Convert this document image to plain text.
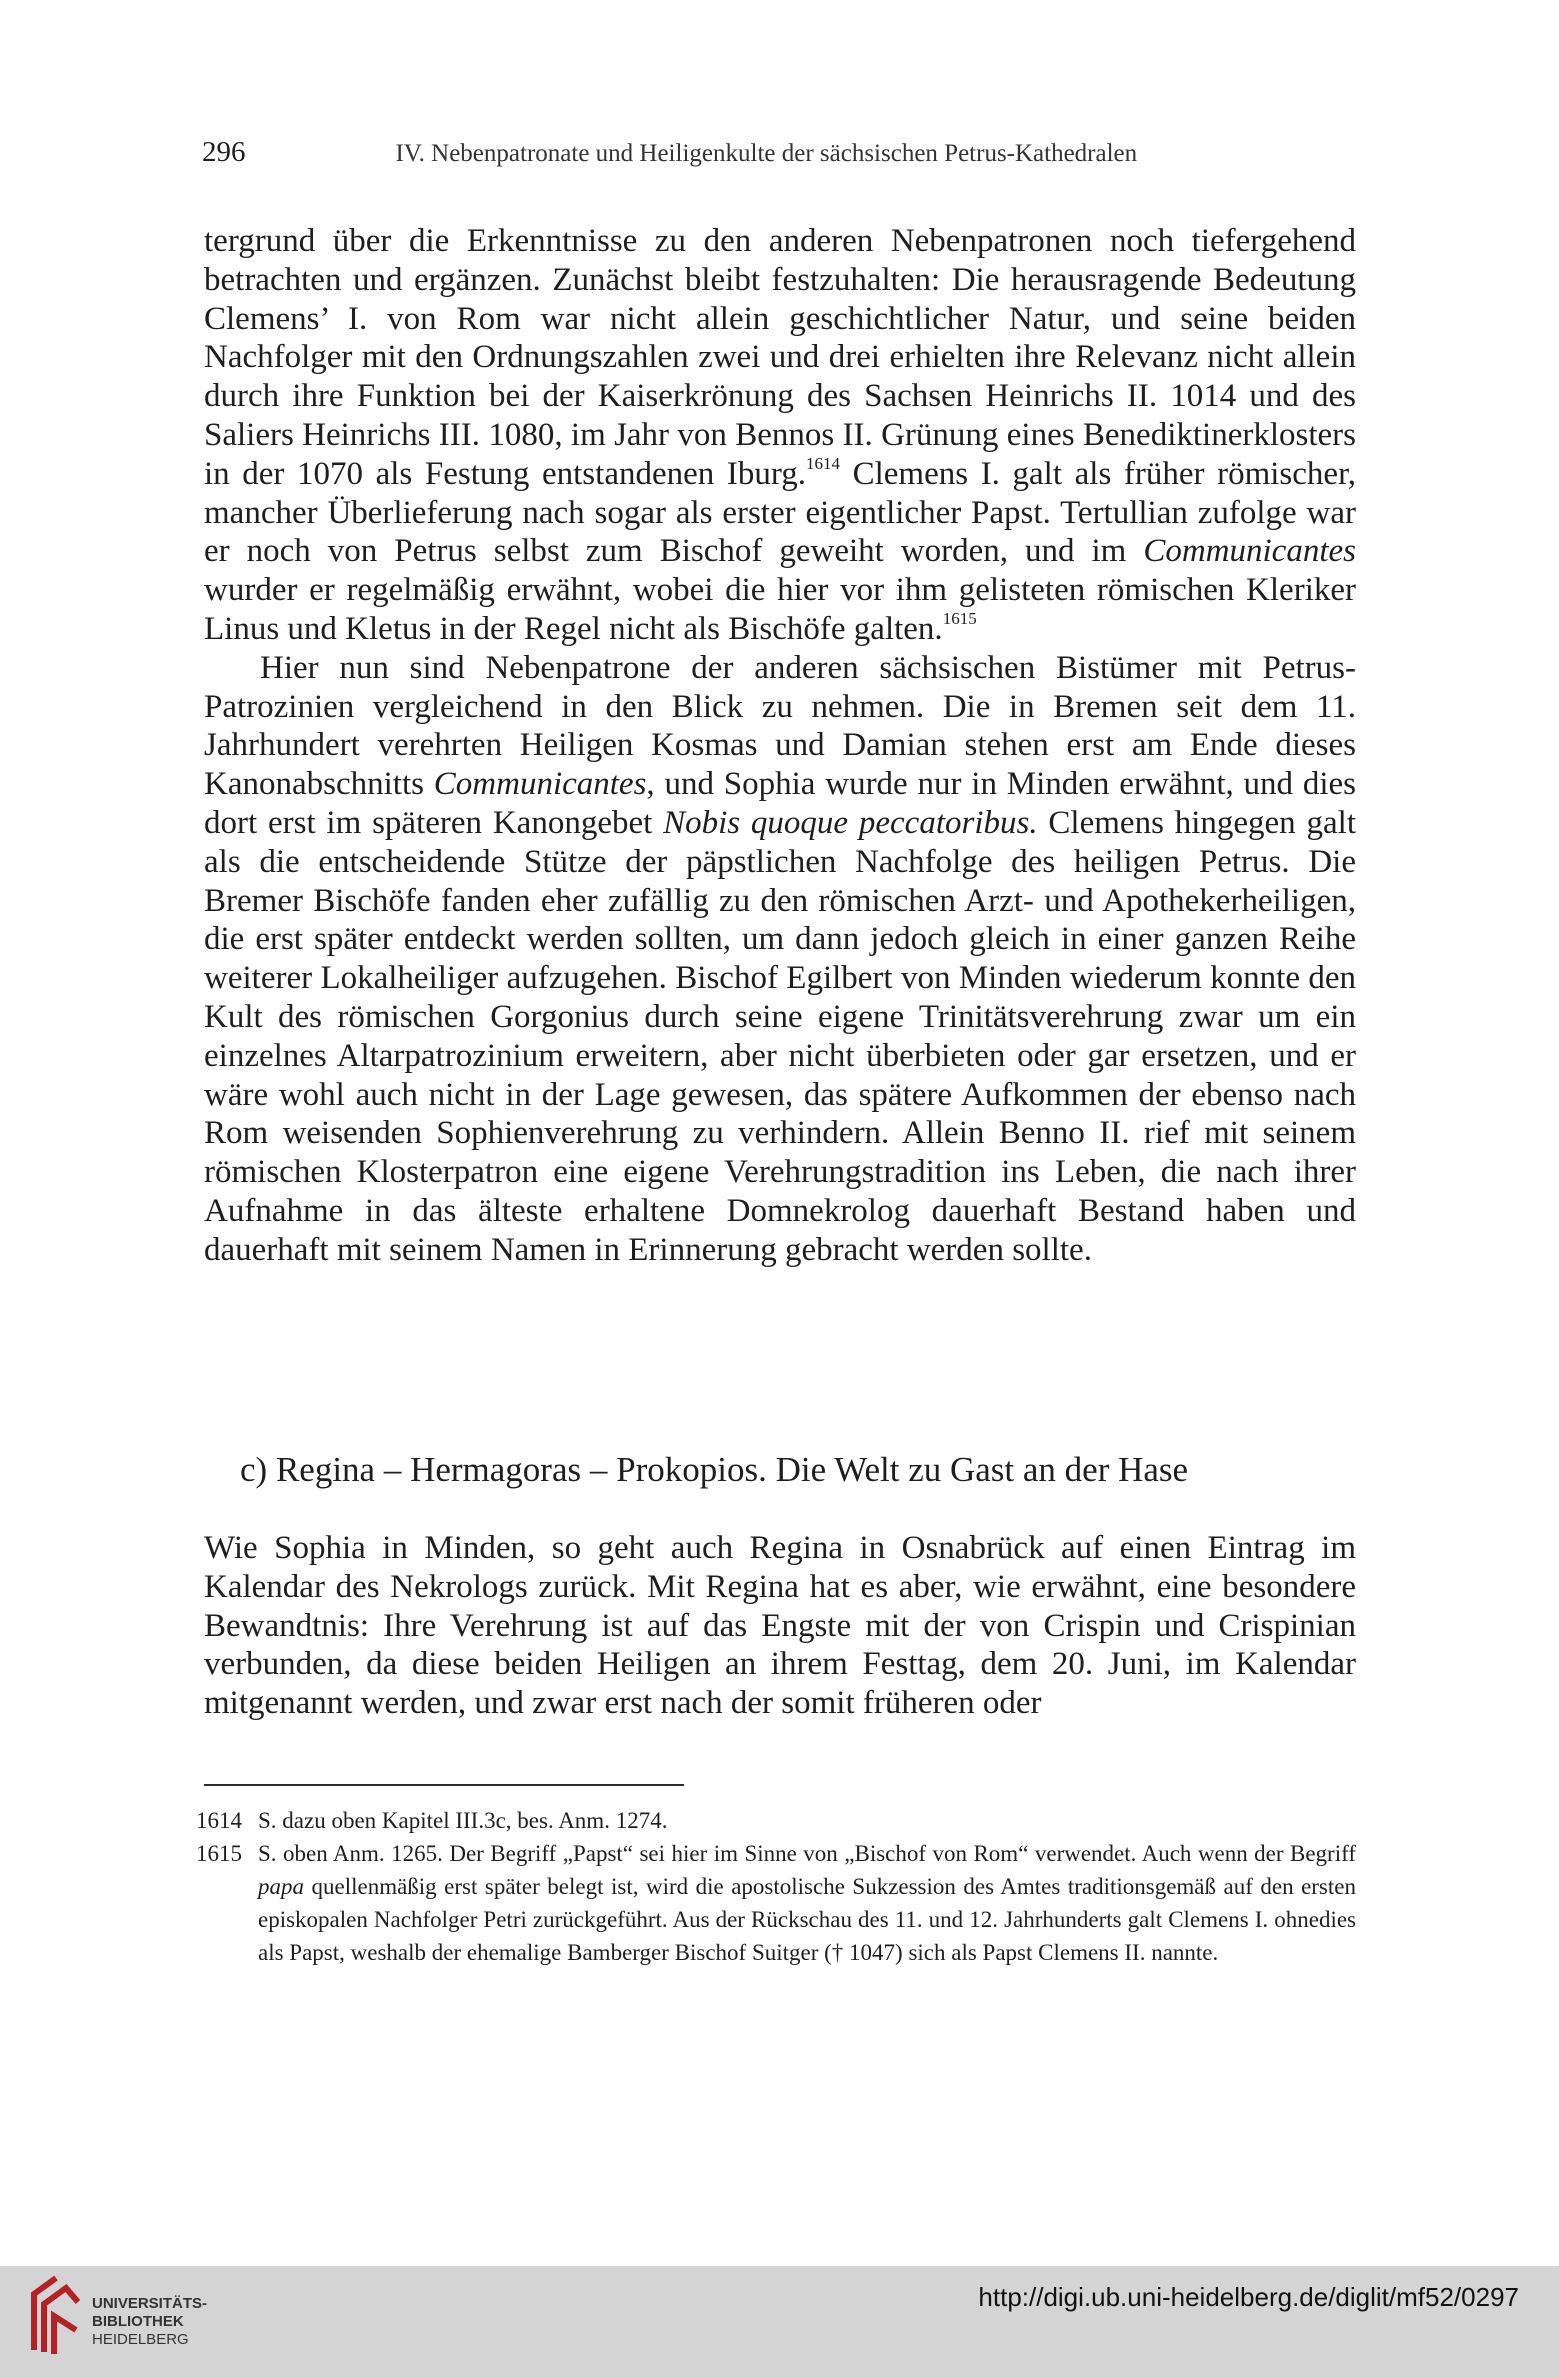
296	IV. Nebenpatronate und Heiligenkulte der sächsischen Petrus-Kathedralen

tergrund über die Erkenntnisse zu den anderen Nebenpatronen noch tiefergehend betrachten und ergänzen. Zunächst bleibt festzuhalten: Die herausragende Bedeutung Clemens’ I. von Rom war nicht allein geschichtlicher Natur, und seine beiden Nachfolger mit den Ordnungszahlen zwei und drei erhielten ihre Relevanz nicht allein durch ihre Funktion bei der Kaiserkrönung des Sachsen Heinrichs II. 1014 und des Saliers Heinrichs III. 1080, im Jahr von Bennos II. Grünung eines Benediktinerklosters in der 1070 als Festung entstandenen Iburg.$^{1614}$ Clemens I. galt als früher römischer, mancher Überlieferung nach sogar als erster eigentlicher Papst. Tertullian zufolge war er noch von Petrus selbst zum Bischof geweiht worden, und im Communicantes wurder er regelmäßig erwähnt, wobei die hier vor ihm gelisteten römischen Kleriker Linus und Kletus in der Regel nicht als Bischöfe galten.$^{1615}$

Hier nun sind Nebenpatrone der anderen sächsischen Bistümer mit Petrus-Patrozinien vergleichend in den Blick zu nehmen. Die in Bremen seit dem 11. Jahrhundert verehrten Heiligen Kosmas und Damian stehen erst am Ende dieses Kanonabschnitts Communicantes, und Sophia wurde nur in Minden erwähnt, und dies dort erst im späteren Kanongebet Nobis quoque peccatoribus. Clemens hingegen galt als die entscheidende Stütze der päpstlichen Nachfolge des heiligen Petrus. Die Bremer Bischöfe fanden eher zufällig zu den römischen Arzt- und Apothekerheiligen, die erst später entdeckt werden sollten, um dann jedoch gleich in einer ganzen Reihe weiterer Lokalheiliger aufzugehen. Bischof Egilbert von Minden wiederum konnte den Kult des römischen Gorgonius durch seine eigene Trinitätsverehrung zwar um ein einzelnes Altarpatrozinium erweitern, aber nicht überbieten oder gar ersetzen, und er wäre wohl auch nicht in der Lage gewesen, das spätere Aufkommen der ebenso nach Rom weisenden Sophienverehrung zu verhindern. Allein Benno II. rief mit seinem römischen Klosterpatron eine eigene Verehrungstradition ins Leben, die nach ihrer Aufnahme in das älteste erhaltene Domnekrolog dauerhaft Bestand haben und dauerhaft mit seinem Namen in Erinnerung gebracht werden sollte.

c) Regina – Hermagoras – Prokopios. Die Welt zu Gast an der Hase

Wie Sophia in Minden, so geht auch Regina in Osnabrück auf einen Eintrag im Kalendar des Nekrologs zurück. Mit Regina hat es aber, wie erwähnt, eine besondere Bewandtnis: Ihre Verehrung ist auf das Engste mit der von Crispin und Crispinian verbunden, da diese beiden Heiligen an ihrem Festtag, dem 20. Juni, im Kalendar mitgenannt werden, und zwar erst nach der somit früheren oder

1614 S. dazu oben Kapitel III.3c, bes. Anm. 1274.
1615 S. oben Anm. 1265. Der Begriff „Papst“ sei hier im Sinne von „Bischof von Rom“ verwendet. Auch wenn der Begriff papa quellenmäßig erst später belegt ist, wird die apostolische Sukzession des Amtes traditionsgemäß auf den ersten episkopalen Nachfolger Petri zurückgeführt. Aus der Rückschau des 11. und 12. Jahrhunderts galt Clemens I. ohnedies als Papst, weshalb der ehemalige Bamberger Bischof Suitger († 1047) sich als Papst Clemens II. nannte.
UNIVERSITÄTS-
BIBLIOTHEK
HEIDELBERG
http://digi.ub.uni-heidelberg.de/diglit/mf52/0297
